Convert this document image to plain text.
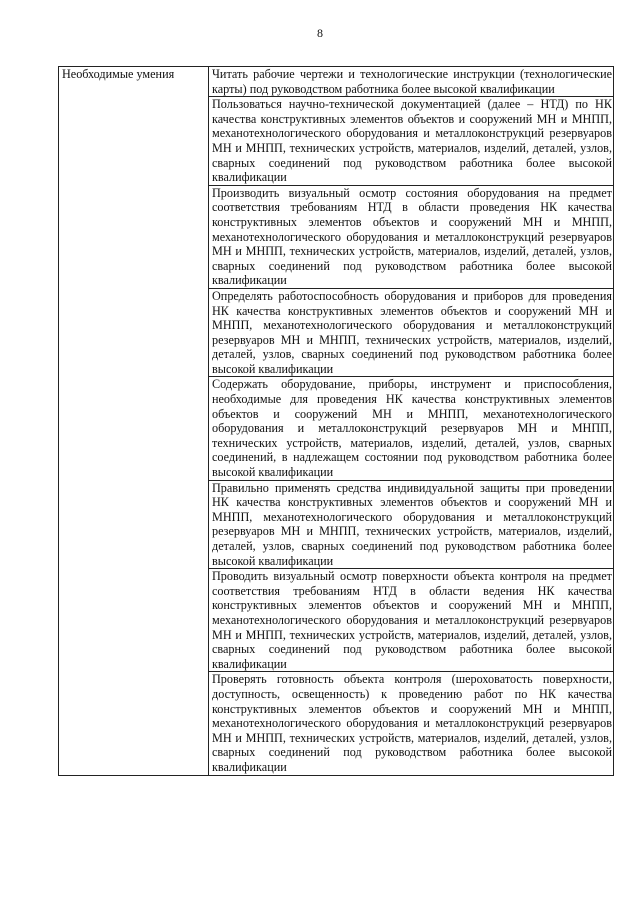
8
Необходимые умения	Читать рабочие чертежи и технологические инструкции (технологические карты) под руководством работника более высокой квалификации

Пользоваться научно-технической документацией (далее – НТД) по НК качества конструктивных элементов объектов и сооружений МН и МНПП, механотехнологического оборудования и металлоконструкций резервуаров МН и МНПП, технических устройств, материалов, изделий, деталей, узлов, сварных соединений под руководством работника более высокой квалификации

Производить визуальный осмотр состояния оборудования на предмет соответствия требованиям НТД в области проведения НК качества конструктивных элементов объектов и сооружений МН и МНПП, механотехнологического оборудования и металлоконструкций резервуаров МН и МНПП, технических устройств, материалов, изделий, деталей, узлов, сварных соединений под руководством работника более высокой квалификации

Определять работоспособность оборудования и приборов для проведения НК качества конструктивных элементов объектов и сооружений МН и МНПП, механотехнологического оборудования и металлоконструкций резервуаров МН и МНПП, технических устройств, материалов, изделий, деталей, узлов, сварных соединений под руководством работника более высокой квалификации

Содержать оборудование, приборы, инструмент и приспособления, необходимые для проведения НК качества конструктивных элементов объектов и сооружений МН и МНПП, механотехнологического оборудования и металлоконструкций резервуаров МН и МНПП, технических устройств, материалов, изделий, деталей, узлов, сварных соединений, в надлежащем состоянии под руководством работника более высокой квалификации

Правильно применять средства индивидуальной защиты при проведении НК качества конструктивных элементов объектов и сооружений МН и МНПП, механотехнологического оборудования и металлоконструкций резервуаров МН и МНПП, технических устройств, материалов, изделий, деталей, узлов, сварных соединений под руководством работника более высокой квалификации

Проводить визуальный осмотр поверхности объекта контроля на предмет соответствия требованиям НТД в области ведения НК качества конструктивных элементов объектов и сооружений МН и МНПП, механотехнологического оборудования и металлоконструкций резервуаров МН и МНПП, технических устройств, материалов, изделий, деталей, узлов, сварных соединений под руководством работника более высокой квалификации

Проверять готовность объекта контроля (шероховатость поверхности, доступность, освещенность) к проведению работ по НК качества конструктивных элементов объектов и сооружений МН и МНПП, механотехнологического оборудования и металлоконструкций резервуаров МН и МНПП, технических устройств, материалов, изделий, деталей, узлов, сварных соединений под руководством работника более высокой квалификации
